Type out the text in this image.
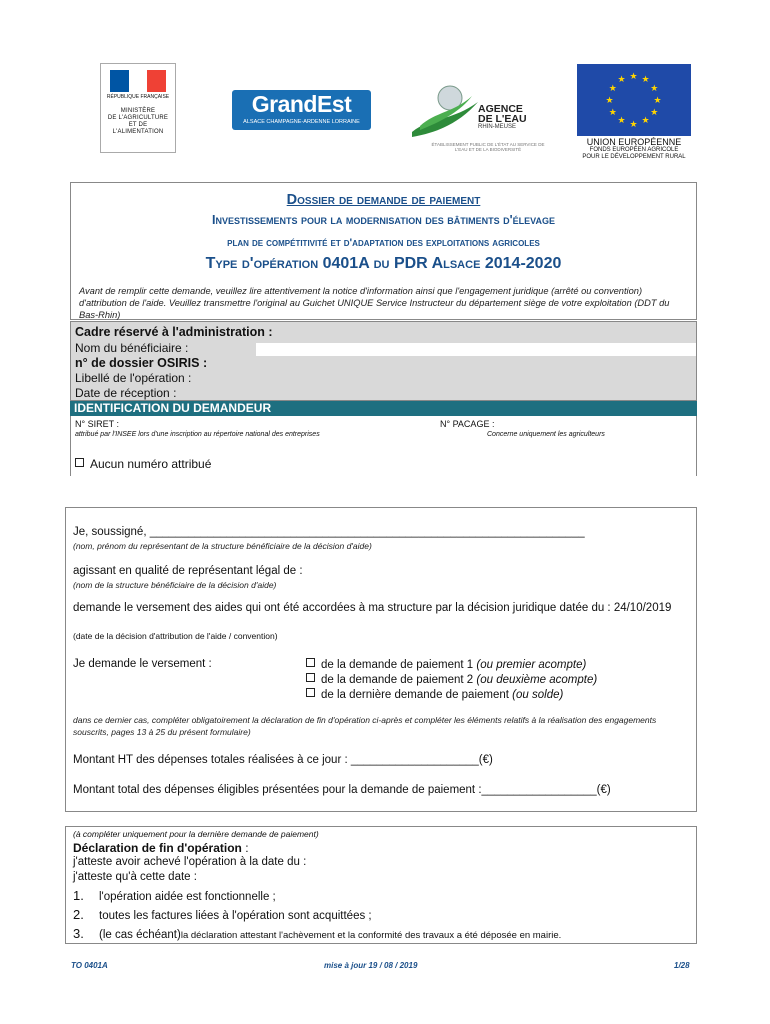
RÉPUBLIQUE FRANÇAISE
MINISTÈRE
DE L'AGRICULTURE
ET DE
L'ALIMENTATION
GrandEst
ALSACE CHAMPAGNE-ARDENNE LORRAINE
AGENCE
DE L'EAU
RHIN-MEUSE
ÉTABLISSEMENT PUBLIC DE L'ÉTAT AU SERVICE DE L'EAU ET DE LA BIODIVERSITÉ
★ ★
★
★
★
★
★
★
★
★
★
★
UNION EUROPÉENNE
FONDS EUROPÉEN AGRICOLE
POUR LE DÉVELOPPEMENT RURAL
Dossier de demande de paiement
Investissements pour la modernisation des bâtiments d'élevage
plan de compétitivité et d'adaptation des exploitations agricoles
Type d'opération 0401A du PDR Alsace 2014-2020
Avant de remplir cette demande, veuillez lire attentivement la notice d'information ainsi que l'engagement juridique (arrêté ou convention) d'attribution de l'aide. Veuillez transmettre l'original au Guichet UNIQUE Service Instructeur du département siège de votre exploitation (DDT du Bas-Rhin)
Cadre réservé à l'administration :
Nom du bénéficiaire :
n° de dossier OSIRIS :
Libellé de l'opération :
Date de réception :
IDENTIFICATION DU DEMANDEUR
N° SIRET :
attribué par l'INSEE lors d'une inscription au répertoire national des entreprises
N° PACAGE :
Concerne uniquement les agriculteurs
Aucun numéro attribué
Je, soussigné, ____________________________________________________________________
(nom, prénom du représentant de la structure bénéficiaire de la décision d'aide)
agissant en qualité de représentant légal de :
(nom de la structure bénéficiaire de la décision d'aide)
demande le versement des aides qui ont été accordées à ma structure par la décision juridique datée du : 24/10/2019
(date de la décision d'attribution de l'aide / convention)
Je demande le versement :	de la demande de paiement 1 (ou premier acompte)
de la demande de paiement 2 (ou deuxième acompte)
de la dernière demande de paiement (ou solde)
dans ce dernier cas, compléter obligatoirement la déclaration de fin d'opération ci-après et compléter les éléments relatifs à la réalisation des engagements souscrits, pages 13 à 25 du présent formulaire)
Montant HT des dépenses totales réalisées à ce jour : ____________________(€)
Montant total des dépenses éligibles présentées pour la demande de paiement :__________________(€)
(à compléter uniquement pour la dernière demande de paiement)
Déclaration de fin d'opération :
j'atteste avoir achevé l'opération à la date du :
j'atteste qu'à cette date :
1. l'opération aidée est fonctionnelle ;
2. toutes les factures liées à l'opération sont acquittées ;
3. (le cas échéant)la déclaration attestant l'achèvement et la conformité des travaux a été déposée en mairie.
TO 0401A	mise à jour 19 / 08 / 2019	1/28
